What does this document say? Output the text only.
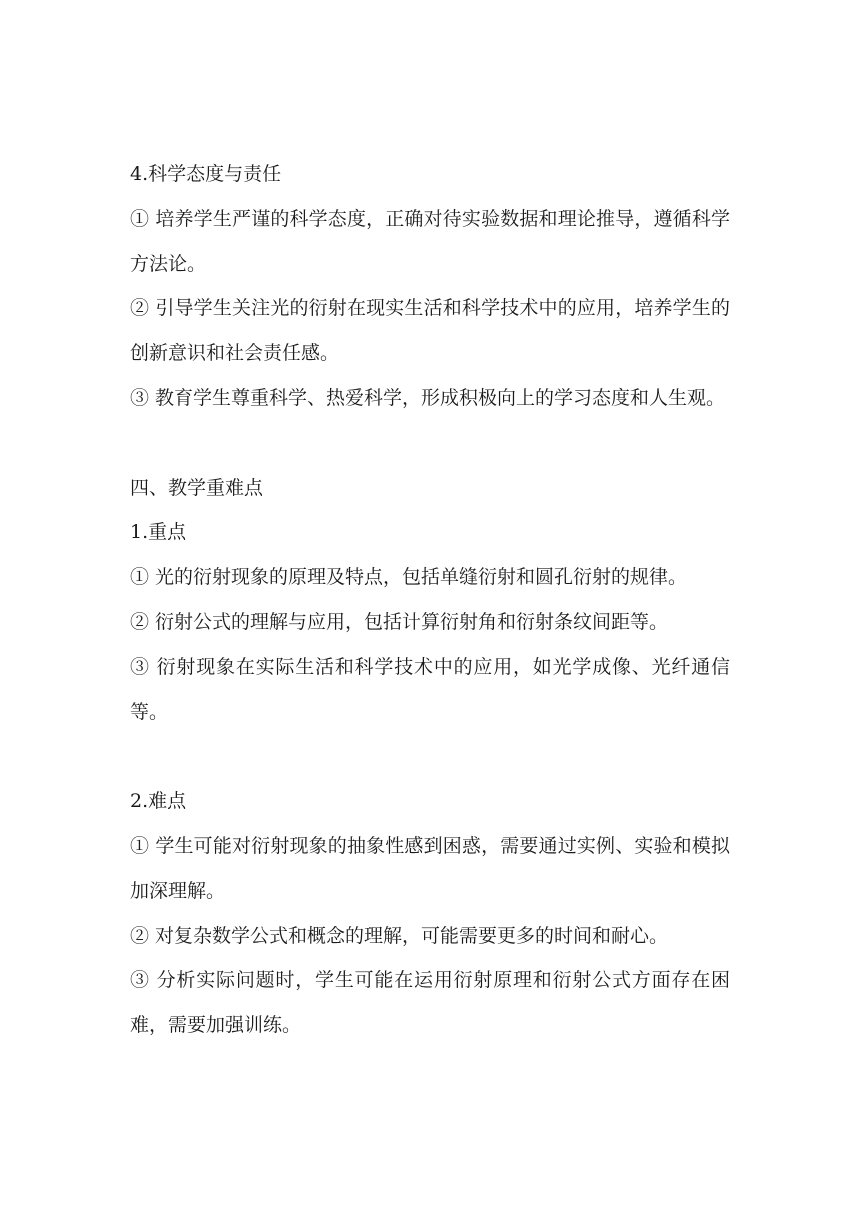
4.科学态度与责任
① 培养学生严谨的科学态度，正确对待实验数据和理论推导，遵循科学方法论。
② 引导学生关注光的衍射在现实生活和科学技术中的应用，培养学生的创新意识和社会责任感。
③ 教育学生尊重科学、热爱科学，形成积极向上的学习态度和人生观。
四、教学重难点
1.重点
① 光的衍射现象的原理及特点，包括单缝衍射和圆孔衍射的规律。
② 衍射公式的理解与应用，包括计算衍射角和衍射条纹间距等。
③ 衍射现象在实际生活和科学技术中的应用，如光学成像、光纤通信等。
2.难点
① 学生可能对衍射现象的抽象性感到困惑，需要通过实例、实验和模拟加深理解。
② 对复杂数学公式和概念的理解，可能需要更多的时间和耐心。
③ 分析实际问题时，学生可能在运用衍射原理和衍射公式方面存在困难，需要加强训练。
